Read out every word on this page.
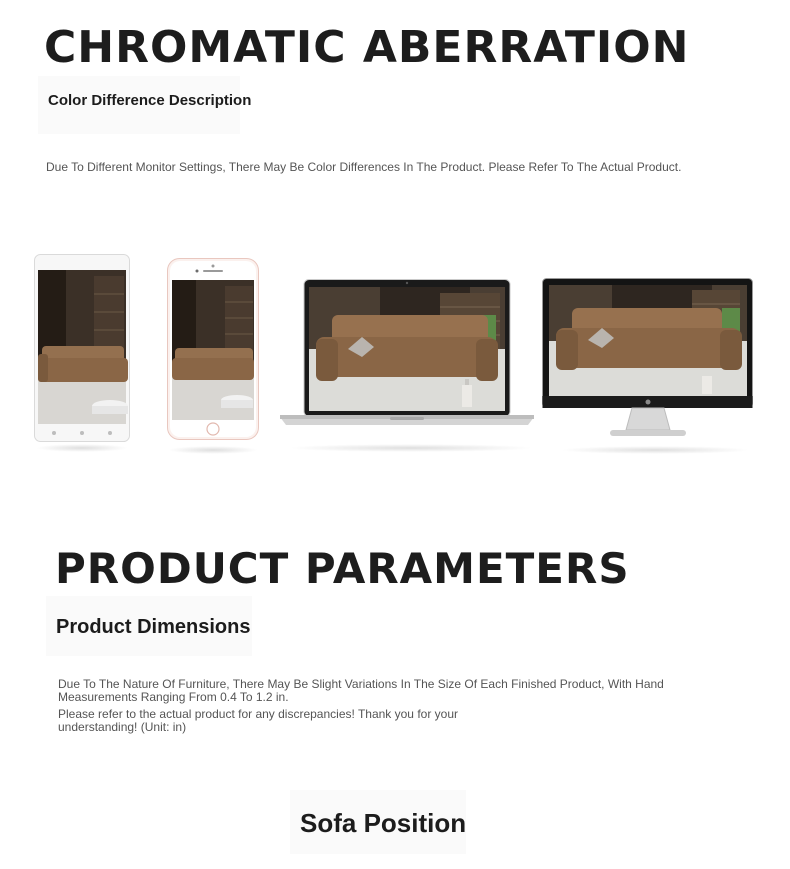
CHROMATIC ABERRATION
Color Difference Description
Due To Different Monitor Settings, There May Be Color Differences In The Product. Please Refer To The Actual Product.
PRODUCT PARAMETERS
Product Dimensions
Due To The Nature Of Furniture, There May Be Slight Variations In The Size Of Each Finished Product, With Hand Measurements Ranging From 0.4 To 1.2 in.
Please refer to the actual product for any discrepancies! Thank you for your understanding! (Unit: in)
Sofa Position
